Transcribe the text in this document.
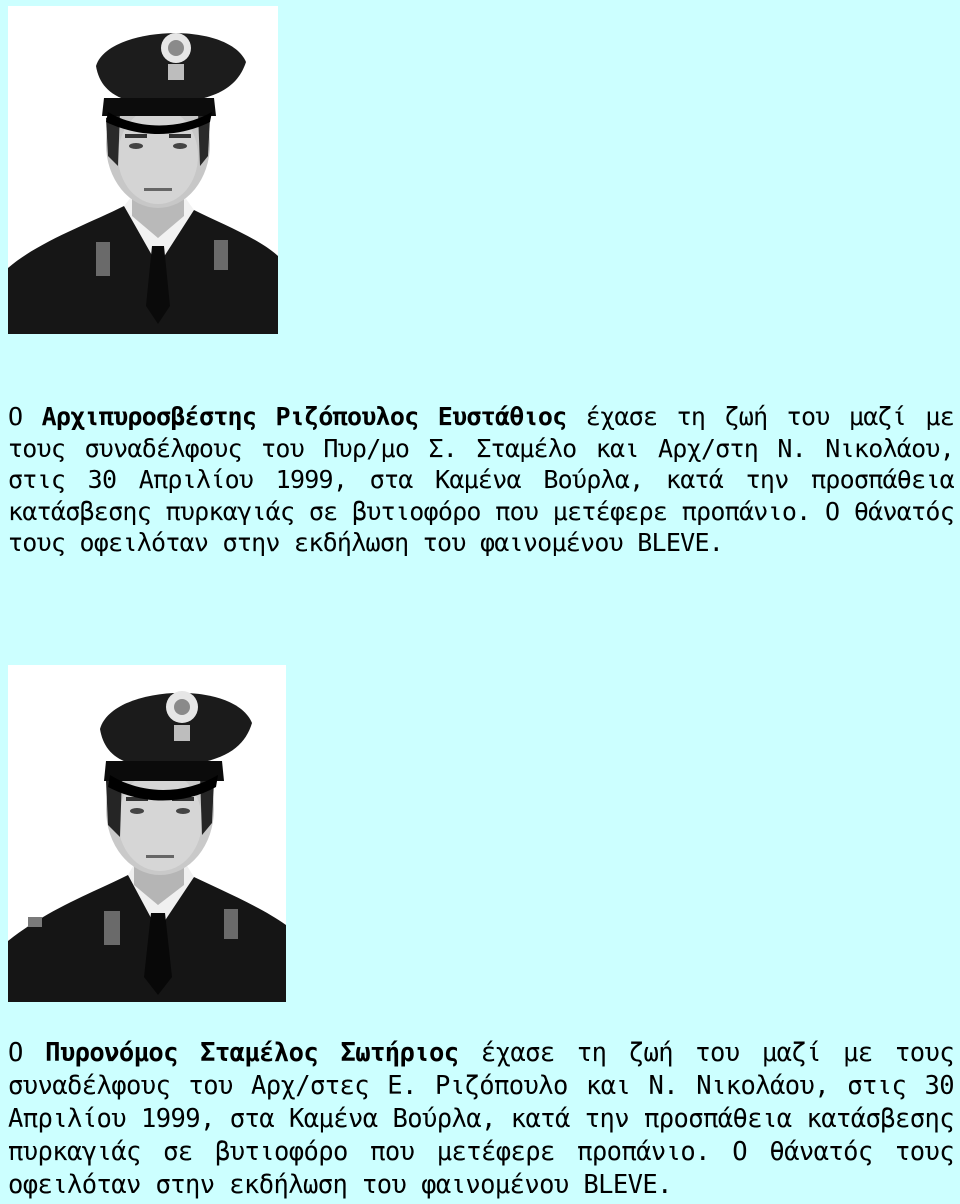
Ο Αρχιπυροσβέστης Ριζόπουλος Ευστάθιος έχασε τη ζωή του μαζί με τους συναδέλφους του Πυρ/μο Σ. Σταμέλο και Αρχ/στη Ν. Νικολάου, στις 30 Απριλίου 1999, στα Καμένα Βούρλα, κατά την προσπάθεια κατάσβεσης πυρκαγιάς σε βυτιοφόρο που μετέφερε προπάνιο. Ο θάνατός τους οφειλόταν στην εκδήλωση του φαινομένου BLEVE.

Ο Πυρονόμος Σταμέλος Σωτήριος έχασε τη ζωή του μαζί με τους συναδέλφους του Αρχ/στες Ε. Ριζόπουλο και Ν. Νικολάου, στις 30 Απριλίου 1999, στα Καμένα Βούρλα, κατά την προσπάθεια κατάσβεσης πυρκαγιάς σε βυτιοφόρο που μετέφερε προπάνιο. Ο θάνατός τους οφειλόταν στην εκδήλωση του φαινομένου BLEVE.
